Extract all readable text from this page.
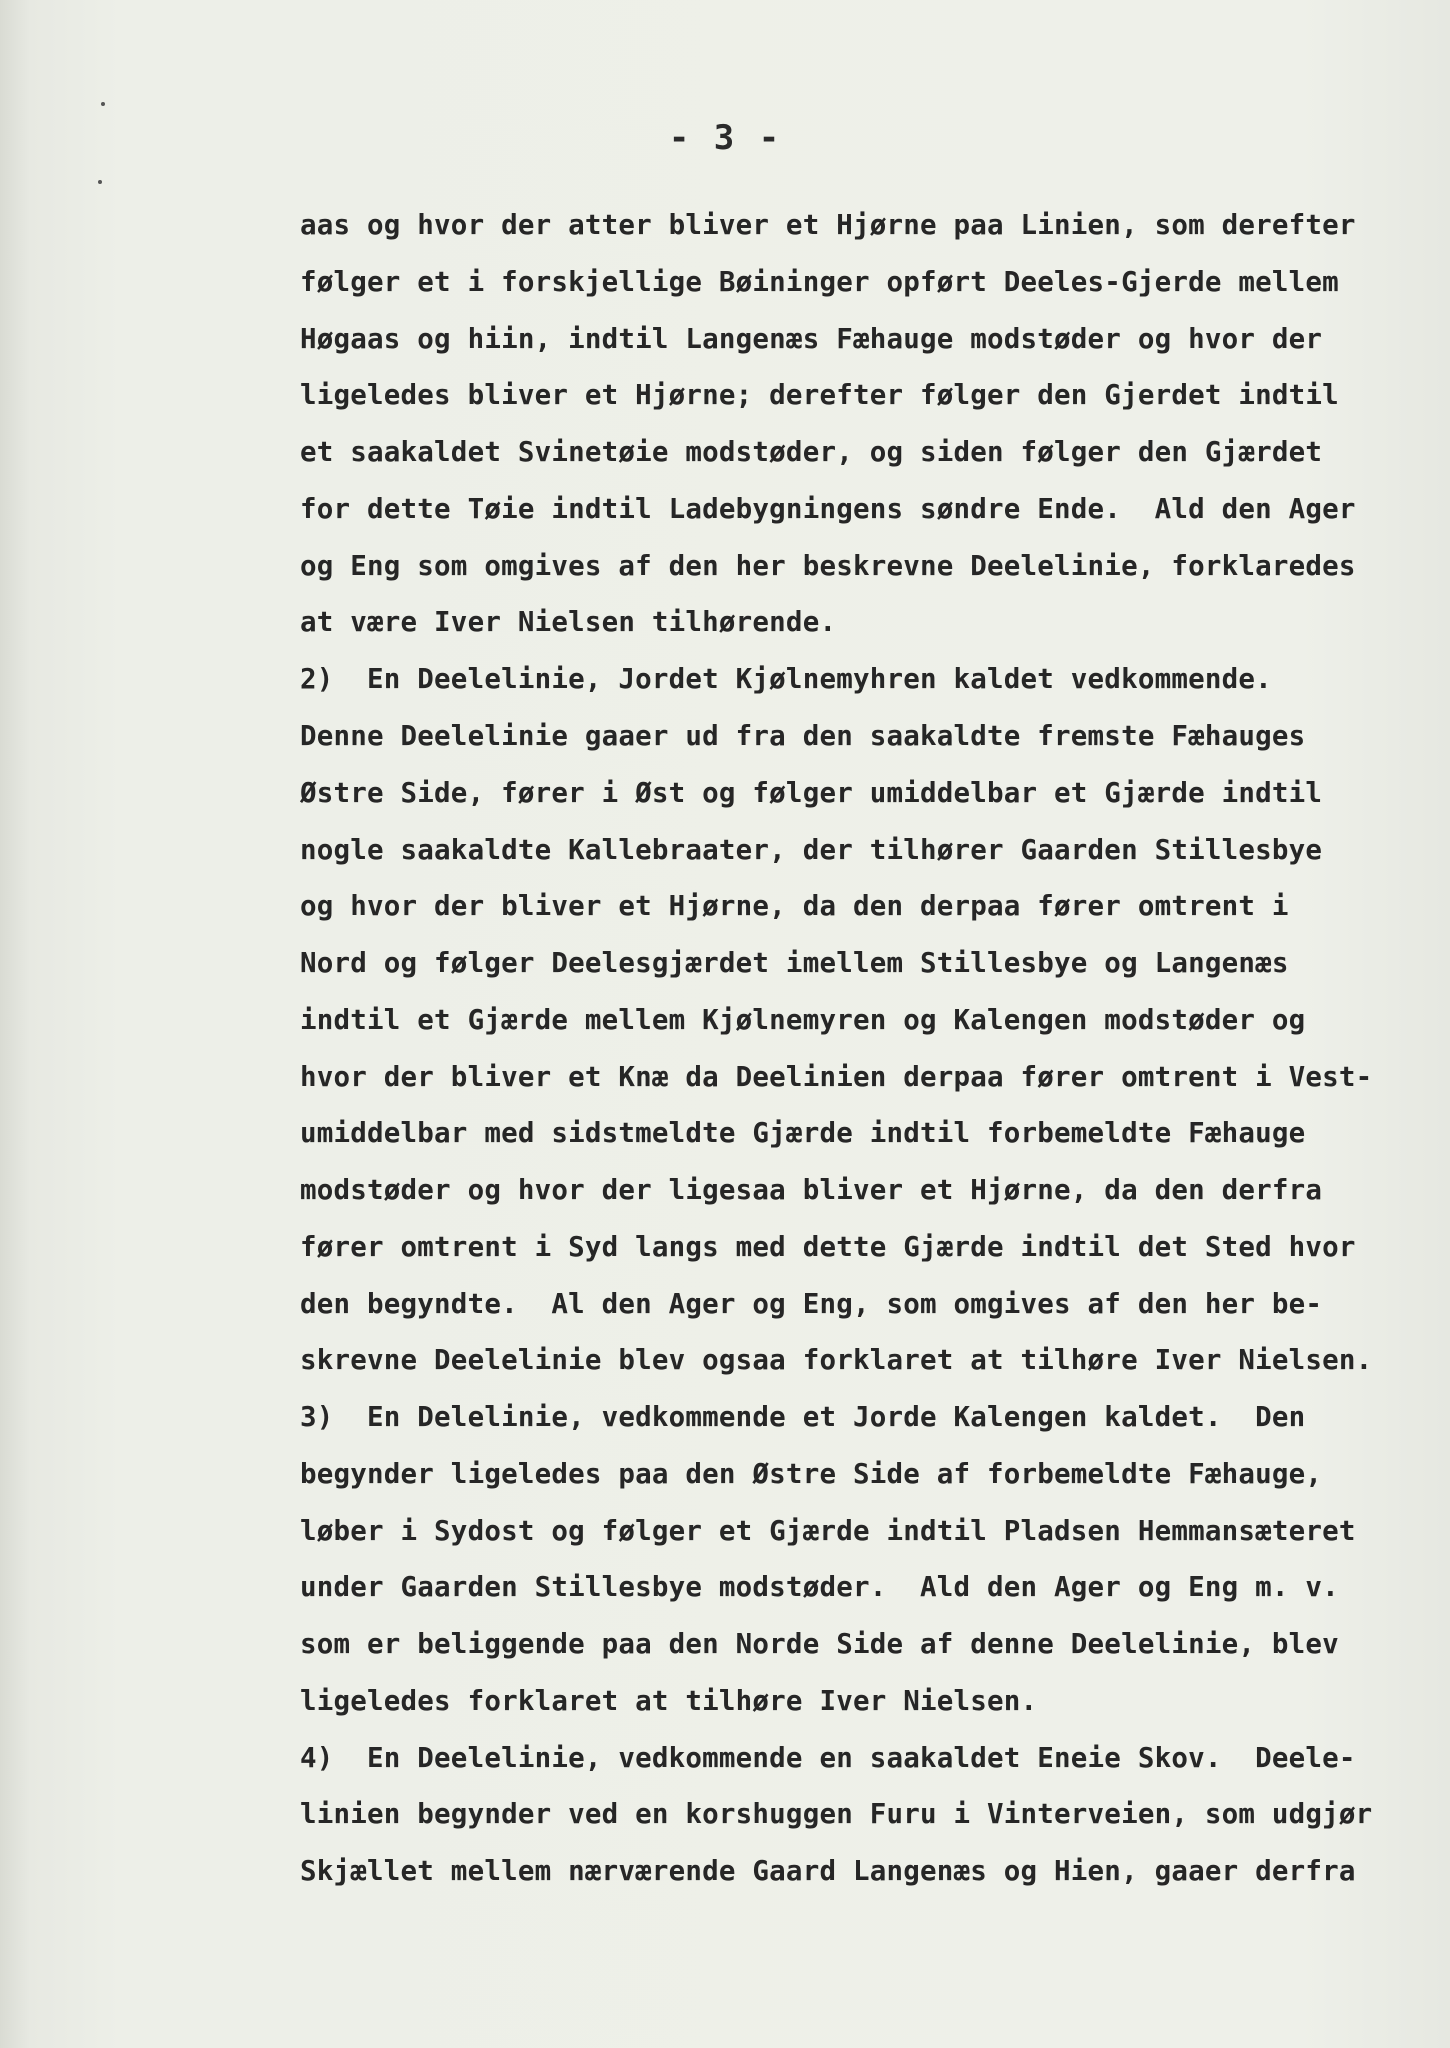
- 3 -
aas og hvor der atter bliver et Hjørne paa Linien, som derefter
følger et i forskjellige Bøininger opført Deeles-Gjerde mellem
Høgaas og hiin, indtil Langenæs Fæhauge modstøder og hvor der
ligeledes bliver et Hjørne; derefter følger den Gjerdet indtil
et saakaldet Svinetøie modstøder, og siden følger den Gjærdet
for dette Tøie indtil Ladebygningens søndre Ende.  Ald den Ager
og Eng som omgives af den her beskrevne Deelelinie, forklaredes
at være Iver Nielsen tilhørende.
2)  En Deelelinie, Jordet Kjølnemyhren kaldet vedkommende.
Denne Deelelinie gaaer ud fra den saakaldte fremste Fæhauges
Østre Side, fører i Øst og følger umiddelbar et Gjærde indtil
nogle saakaldte Kallebraater, der tilhører Gaarden Stillesbye
og hvor der bliver et Hjørne, da den derpaa fører omtrent i
Nord og følger Deelesgjærdet imellem Stillesbye og Langenæs
indtil et Gjærde mellem Kjølnemyren og Kalengen modstøder og
hvor der bliver et Knæ da Deelinien derpaa fører omtrent i Vest-
umiddelbar med sidstmeldte Gjærde indtil forbemeldte Fæhauge
modstøder og hvor der ligesaa bliver et Hjørne, da den derfra
fører omtrent i Syd langs med dette Gjærde indtil det Sted hvor
den begyndte.  Al den Ager og Eng, som omgives af den her be-
skrevne Deelelinie blev ogsaa forklaret at tilhøre Iver Nielsen.
3)  En Delelinie, vedkommende et Jorde Kalengen kaldet.  Den
begynder ligeledes paa den Østre Side af forbemeldte Fæhauge,
løber i Sydost og følger et Gjærde indtil Pladsen Hemmansæteret
under Gaarden Stillesbye modstøder.  Ald den Ager og Eng m. v.
som er beliggende paa den Norde Side af denne Deelelinie, blev
ligeledes forklaret at tilhøre Iver Nielsen.
4)  En Deelelinie, vedkommende en saakaldet Eneie Skov.  Deele-
linien begynder ved en korshuggen Furu i Vinterveien, som udgjør
Skjællet mellem nærværende Gaard Langenæs og Hien, gaaer derfra
